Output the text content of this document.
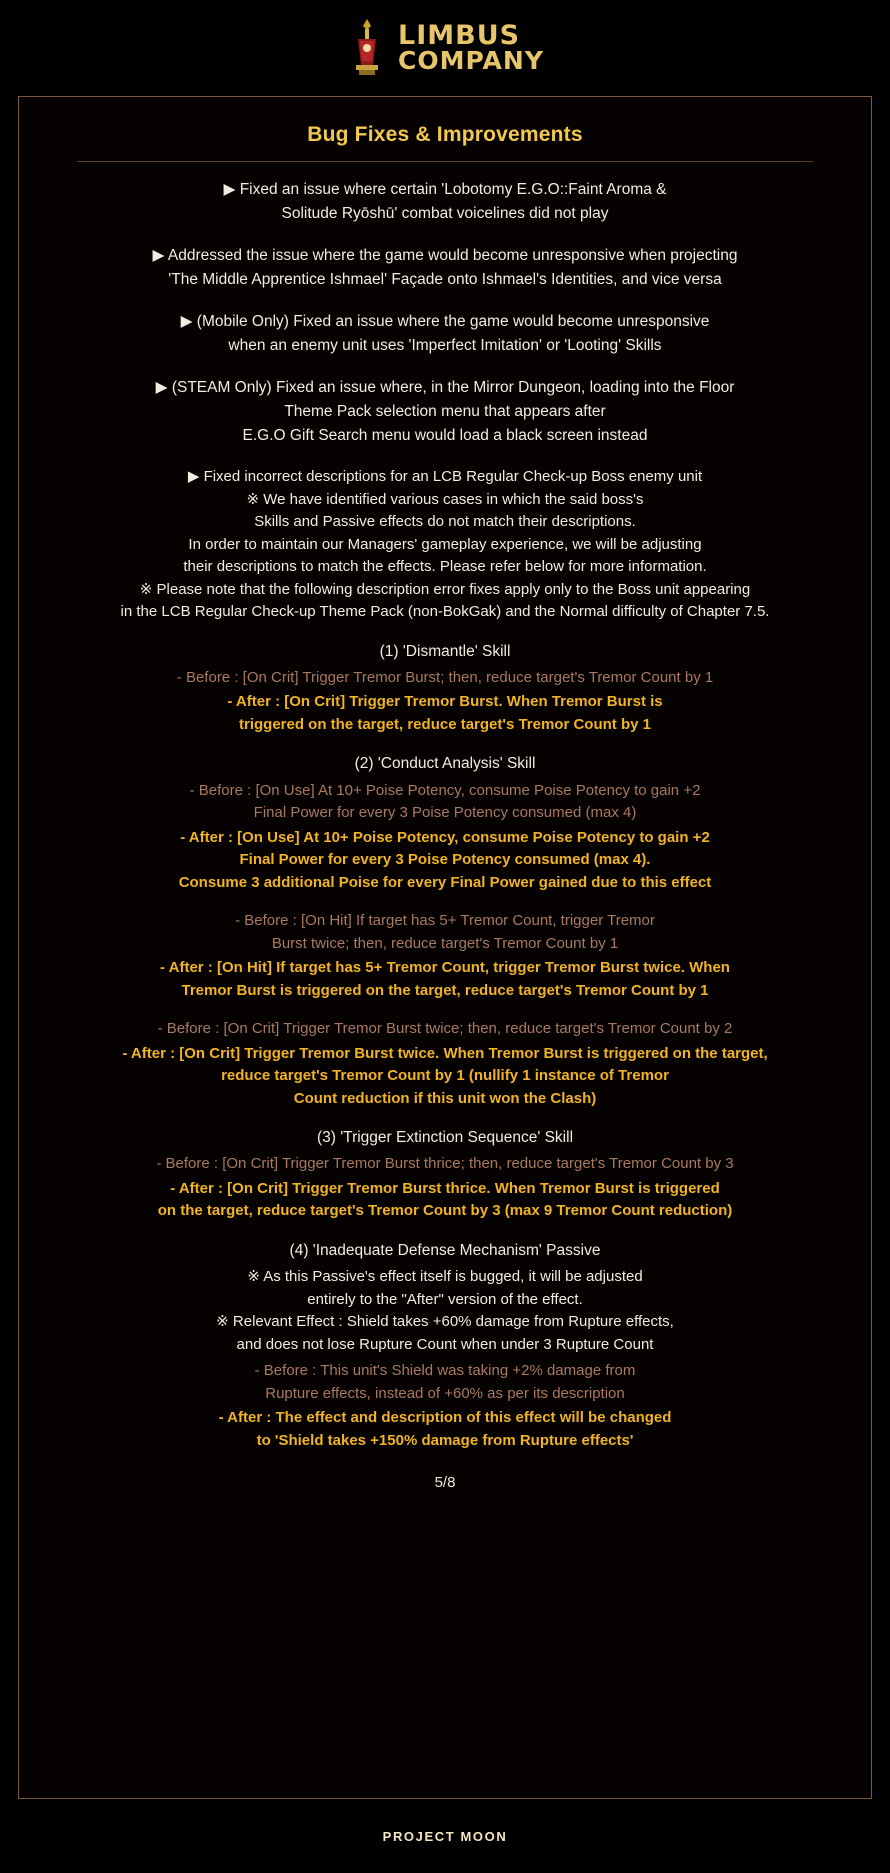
LIMBUS
COMPANY
Bug Fixes & Improvements
▶ Fixed an issue where certain 'Lobotomy E.G.O::Faint Aroma &
Solitude Ryōshū' combat voicelines did not play
▶ Addressed the issue where the game would become unresponsive when projecting
'The Middle Apprentice Ishmael' Façade onto Ishmael's Identities, and vice versa
▶ (Mobile Only) Fixed an issue where the game would become unresponsive
when an enemy unit uses 'Imperfect Imitation' or 'Looting' Skills
▶ (STEAM Only) Fixed an issue where, in the Mirror Dungeon, loading into the Floor
Theme Pack selection menu that appears after
E.G.O Gift Search menu would load a black screen instead
▶ Fixed incorrect descriptions for an LCB Regular Check-up Boss enemy unit
※ We have identified various cases in which the said boss's
Skills and Passive effects do not match their descriptions.
In order to maintain our Managers' gameplay experience, we will be adjusting
their descriptions to match the effects. Please refer below for more information.
※ Please note that the following description error fixes apply only to the Boss unit appearing
in the LCB Regular Check-up Theme Pack (non-BokGak) and the Normal difficulty of Chapter 7.5.
(1) 'Dismantle' Skill
- Before : [On Crit] Trigger Tremor Burst; then, reduce target's Tremor Count by 1
- After : [On Crit] Trigger Tremor Burst. When Tremor Burst is
triggered on the target, reduce target's Tremor Count by 1
(2) 'Conduct Analysis' Skill
- Before : [On Use] At 10+ Poise Potency, consume Poise Potency to gain +2
Final Power for every 3 Poise Potency consumed (max 4)
- After : [On Use] At 10+ Poise Potency, consume Poise Potency to gain +2
Final Power for every 3 Poise Potency consumed (max 4).
Consume 3 additional Poise for every Final Power gained due to this effect
- Before : [On Hit] If target has 5+ Tremor Count, trigger Tremor
Burst twice; then, reduce target's Tremor Count by 1
- After : [On Hit] If target has 5+ Tremor Count, trigger Tremor Burst twice. When
Tremor Burst is triggered on the target, reduce target's Tremor Count by 1
- Before : [On Crit] Trigger Tremor Burst twice; then, reduce target's Tremor Count by 2
- After : [On Crit] Trigger Tremor Burst twice. When Tremor Burst is triggered on the target,
reduce target's Tremor Count by 1 (nullify 1 instance of Tremor
Count reduction if this unit won the Clash)
(3) 'Trigger Extinction Sequence' Skill
- Before : [On Crit] Trigger Tremor Burst thrice; then, reduce target's Tremor Count by 3
- After : [On Crit] Trigger Tremor Burst thrice. When Tremor Burst is triggered
on the target, reduce target's Tremor Count by 3 (max 9 Tremor Count reduction)
(4) 'Inadequate Defense Mechanism' Passive
※ As this Passive's effect itself is bugged, it will be adjusted
entirely to the "After" version of the effect.
※ Relevant Effect : Shield takes +60% damage from Rupture effects,
and does not lose Rupture Count when under 3 Rupture Count
- Before : This unit's Shield was taking +2% damage from
Rupture effects, instead of +60% as per its description
- After : The effect and description of this effect will be changed
to 'Shield takes +150% damage from Rupture effects'
5/8
PROJECT MOON
